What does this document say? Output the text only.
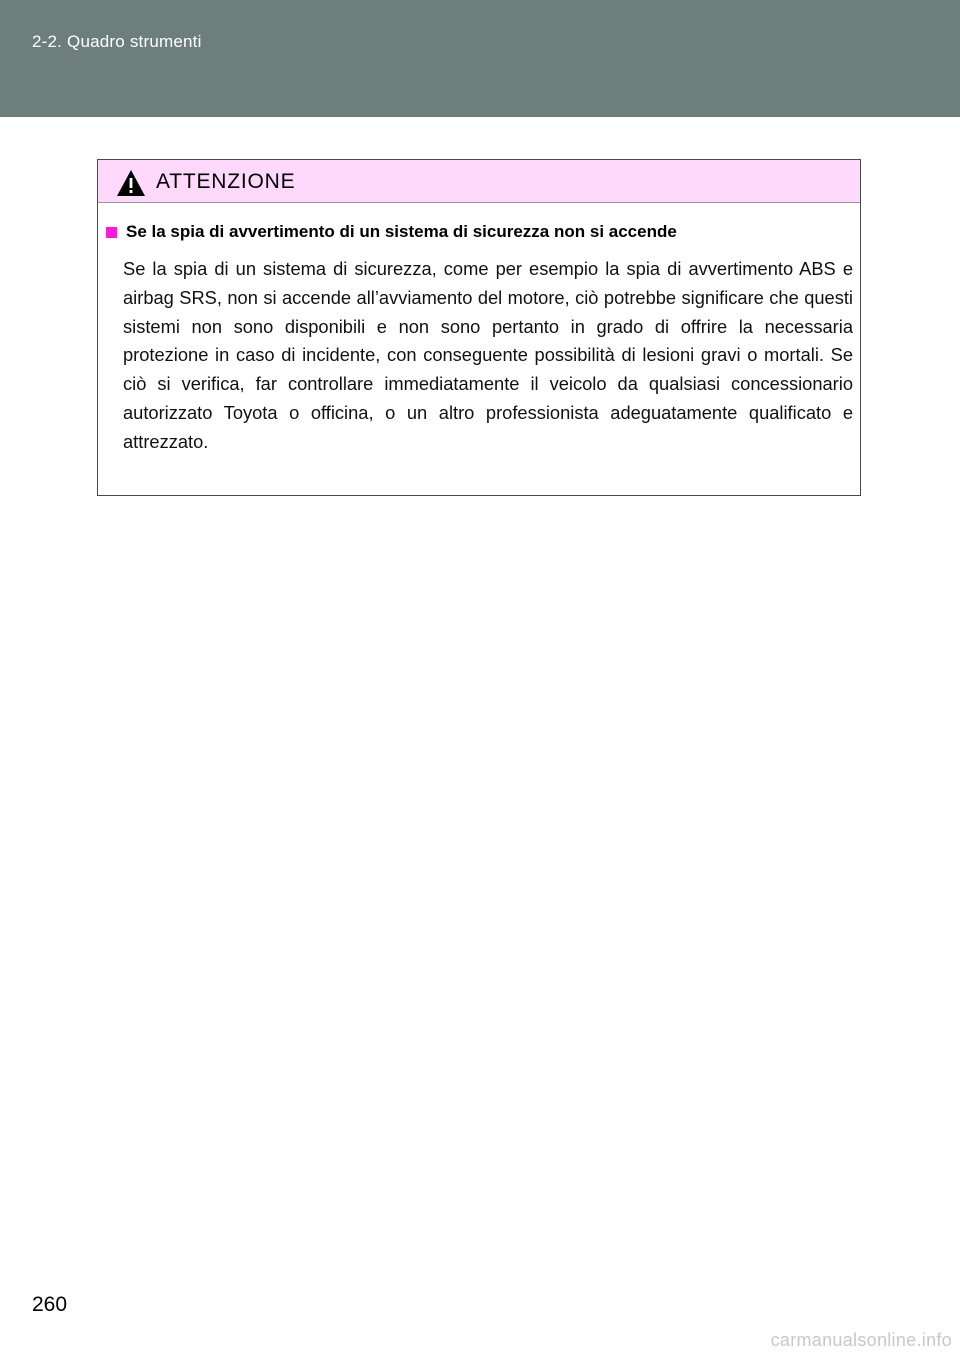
2-2. Quadro strumenti
ATTENZIONE
Se la spia di avvertimento di un sistema di sicurezza non si accende

Se la spia di un sistema di sicurezza, come per esempio la spia di avvertimento ABS e airbag SRS, non si accende all’avviamento del motore, ciò potrebbe significare che questi sistemi non sono disponibili e non sono pertanto in grado di offrire la necessaria protezione in caso di incidente, con conseguente possibilità di lesioni gravi o mortali. Se ciò si verifica, far controllare immediatamente il veicolo da qualsiasi concessionario autorizzato Toyota o officina, o un altro professionista adeguatamente qualificato e attrezzato.

260
carmanualsonline.info
